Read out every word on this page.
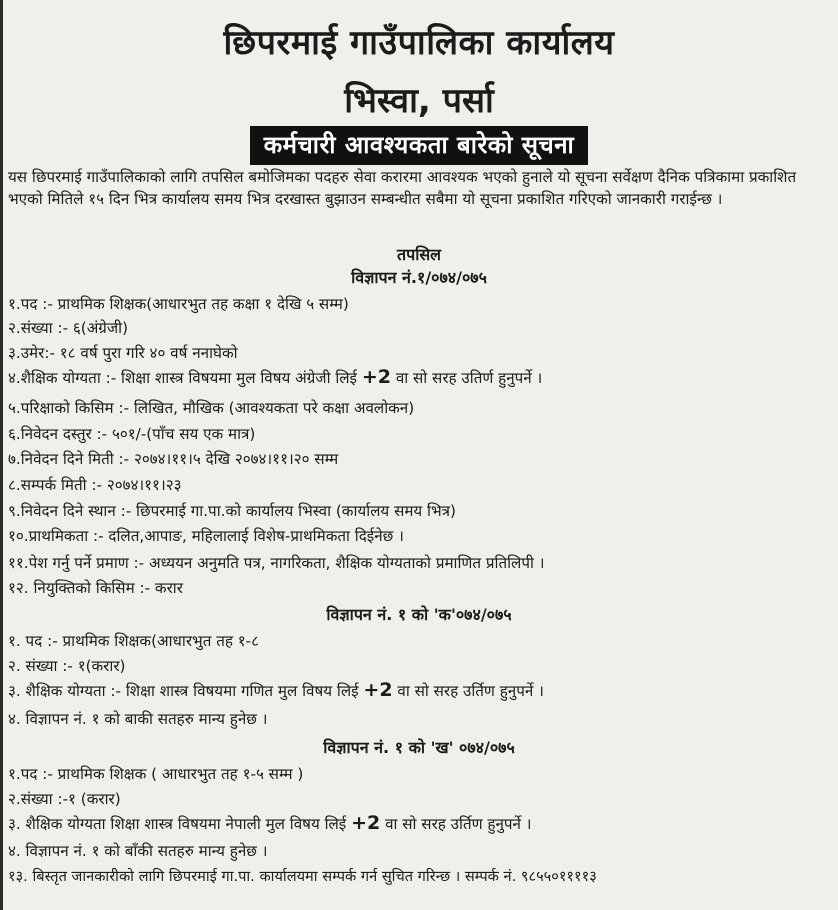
छिपरमाई गाउँपालिका कार्यालय
भिस्वा, पर्सा
कर्मचारी आवश्यकता बारेको सूचना
यस छिपरमाई गाउँपालिकाको लागि तपसिल बमोजिमका पदहरु सेवा करारमा आवश्यक भएको हुनाले यो सूचना सर्वेक्षण दैनिक पत्रिकामा प्रकाशित भएको मितिले १५ दिन भित्र कार्यालय समय भित्र दरखास्त बुझाउन सम्बन्धीत सबैमा यो सूचना प्रकाशित गरिएको जानकारी गराईन्छ ।
तपसिल
विज्ञापन नं.१/०७४/०७५
१.पद :- प्राथमिक शिक्षक(आधारभुत तह कक्षा १ देखि ५ सम्म)
२.संख्या :- ६(अंग्रेजी)
३.उमेर:- १८ वर्ष पुरा गरि ४० वर्ष ननाघेको
४.शैक्षिक योग्यता :- शिक्षा शास्त्र विषयमा मुल विषय अंग्रेजी लिई +2 वा सो सरह उतिर्ण हुनुपर्ने ।
५.परिक्षाको किसिम :- लिखित, मौखिक (आवश्यकता परे कक्षा अवलोकन)
६.निवेदन दस्तुर :- ५०१/-(पाँच सय एक मात्र)
७.निवेदन दिने मिती :- २०७४।११।५ देखि २०७४।११।२० सम्म
८.सम्पर्क मिती :- २०७४।११।२३
९.निवेदन दिने स्थान :- छिपरमाई गा.पा.को कार्यालय भिस्वा (कार्यालय समय भित्र)
१०.प्राथमिकता :- दलित,आपाङ, महिलालाई विशेष-प्राथमिकता दिईनेछ ।
११.पेश गर्नु पर्ने प्रमाण :- अध्ययन अनुमति पत्र, नागरिकता, शैक्षिक योग्यताको प्रमाणित प्रतिलिपी ।
१२. नियुक्तिको किसिम :- करार
विज्ञापन नं. १ को 'क'०७४/०७५
१. पद :- प्राथमिक शिक्षक(आधारभुत तह १-८
२. संख्या :- १(करार)
३. शैक्षिक योग्यता :- शिक्षा शास्त्र विषयमा गणित मुल विषय लिई +2 वा सो सरह उर्तिण हुनुपर्ने ।
४. विज्ञापन नं. १ को बाकी सतहरु मान्य हुनेछ ।
विज्ञापन नं. १ को 'ख' ०७४/०७५
१.पद :- प्राथमिक शिक्षक ( आधारभुत तह १-५ सम्म )
२.संख्या :-१ (करार)
३. शैक्षिक योग्यता शिक्षा शास्त्र विषयमा नेपाली मुल विषय लिई +2 वा सो सरह उर्तिण हुनुपर्ने ।
४. विज्ञापन नं. १ को बाँकी सतहरु मान्य हुनेछ ।
१३. बिस्तृत जानकारीको लागि छिपरमाई गा.पा. कार्यालयमा सम्पर्क गर्न सुचित गरिन्छ । सम्पर्क नं. ९८५५०११११३
